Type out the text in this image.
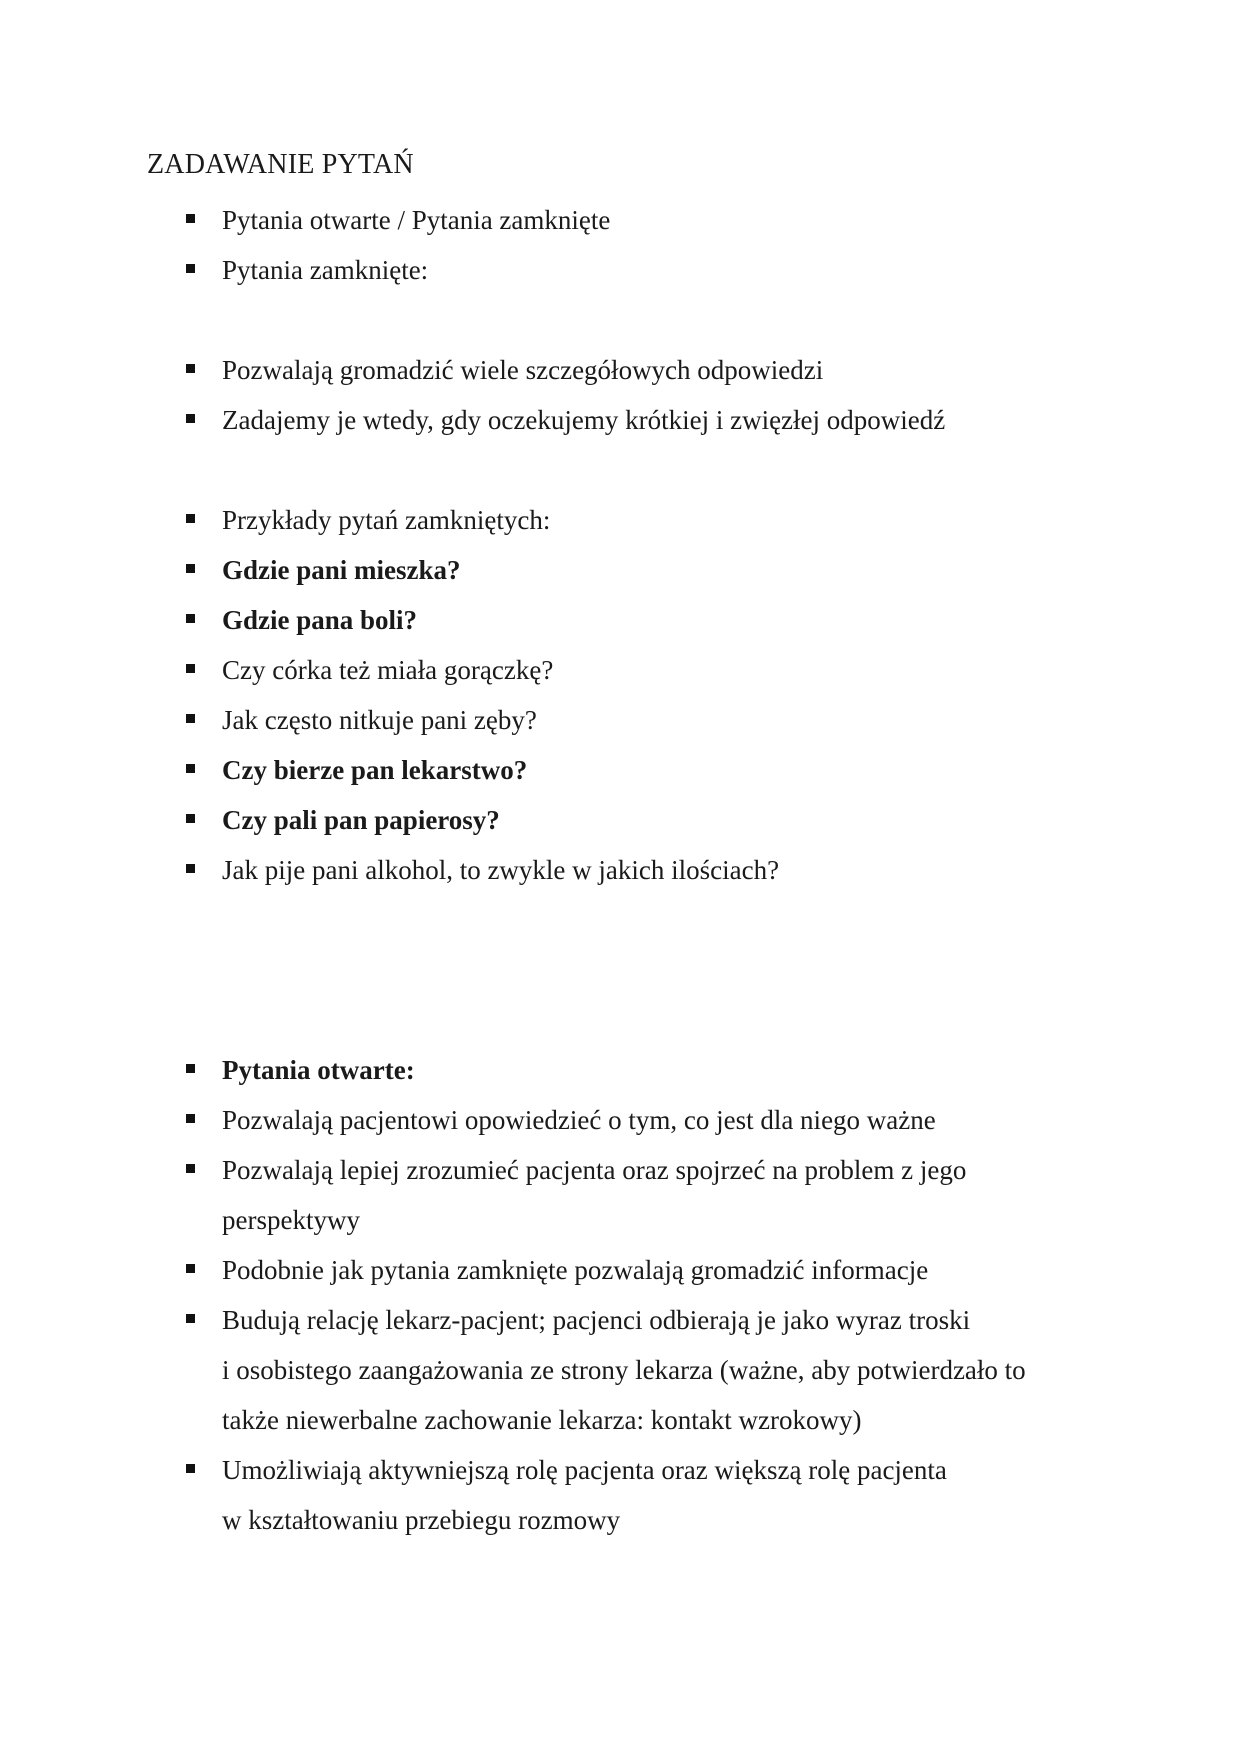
ZADAWANIE PYTAŃ
Pytania otwarte / Pytania zamknięte
Pytania zamknięte:
Pozwalają gromadzić wiele szczegółowych odpowiedzi
Zadajemy je wtedy, gdy oczekujemy krótkiej i zwięzłej odpowiedź
Przykłady pytań zamkniętych:
Gdzie pani mieszka?
Gdzie pana boli?
Czy córka też miała gorączkę?
Jak często nitkuje pani zęby?
Czy bierze pan lekarstwo?
Czy pali pan papierosy?
Jak pije pani alkohol, to zwykle w jakich ilościach?
Pytania otwarte:
Pozwalają pacjentowi opowiedzieć o tym, co jest dla niego ważne
Pozwalają lepiej zrozumieć pacjenta oraz spojrzeć na problem z jego
perspektywy
Podobnie jak pytania zamknięte pozwalają gromadzić informacje
Budują relację lekarz-pacjent; pacjenci odbierają je jako wyraz troski
i osobistego zaangażowania ze strony lekarza (ważne, aby potwierdzało to
także niewerbalne zachowanie lekarza: kontakt wzrokowy)
Umożliwiają aktywniejszą rolę pacjenta oraz większą rolę pacjenta
w kształtowaniu przebiegu rozmowy
